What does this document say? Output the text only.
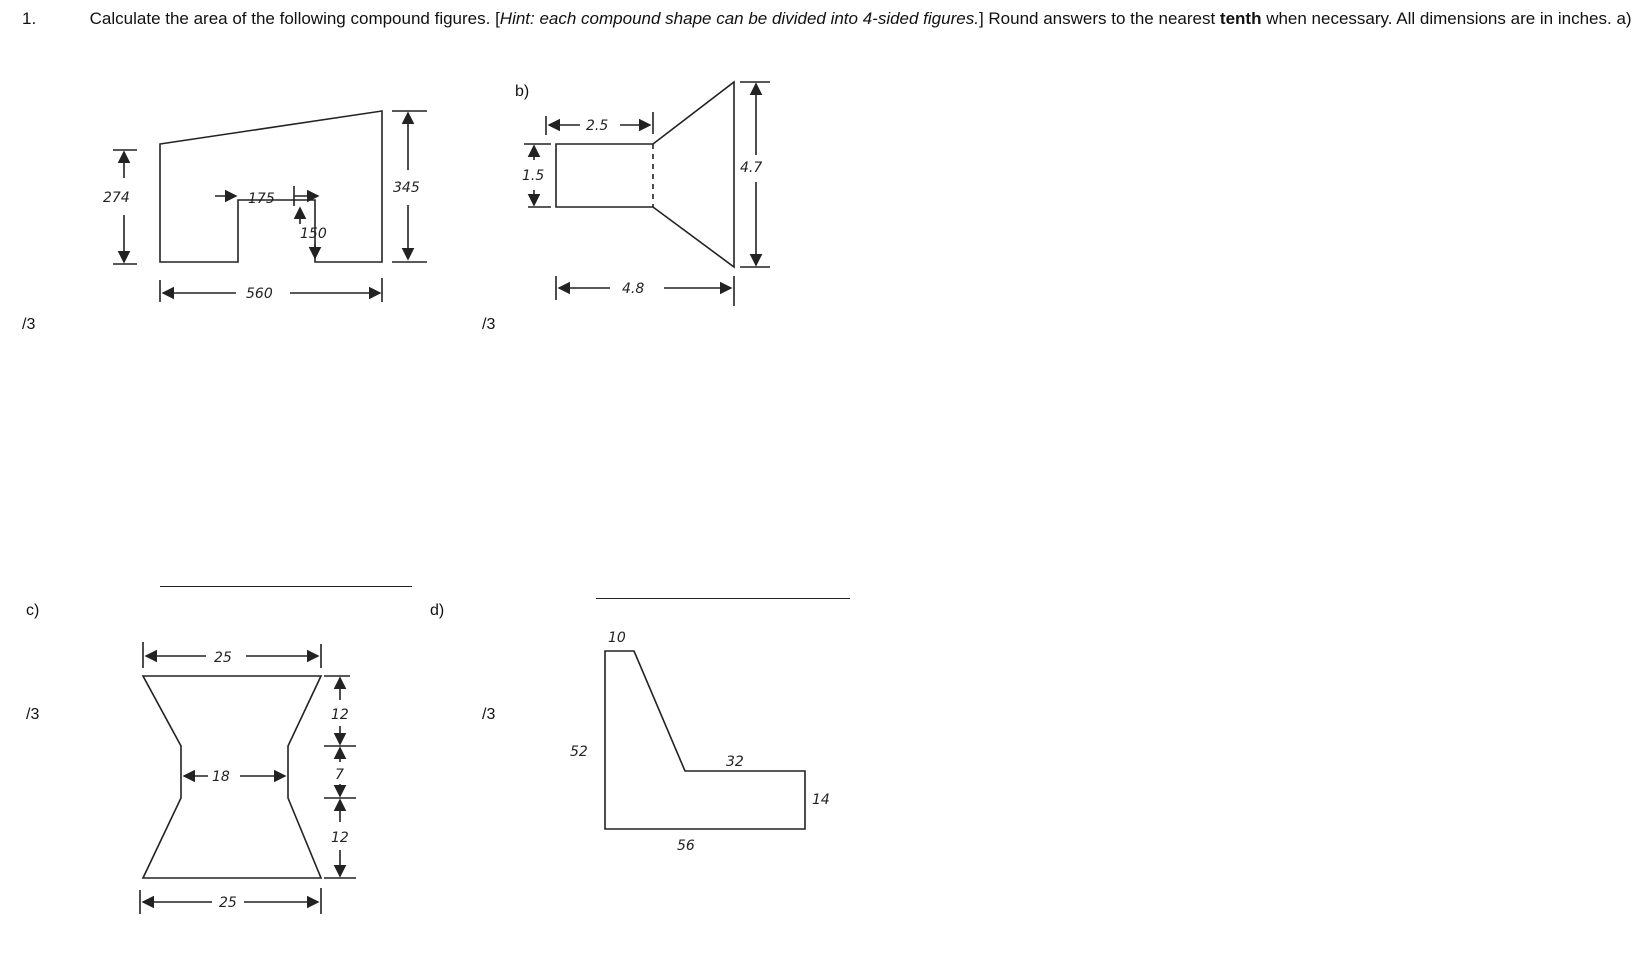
1.	Calculate the area of the following compound figures. [Hint: each compound shape can be divided into 4-sided figures.] Round answers to the nearest tenth when necessary. All dimensions are in inches. a)
/3
b)
/3
c)
/3
d)
/3
274	175
150
345
560
2.5
1.5	4.7
4.8
25
18
12
7
12
25
10
52
32
14
56
